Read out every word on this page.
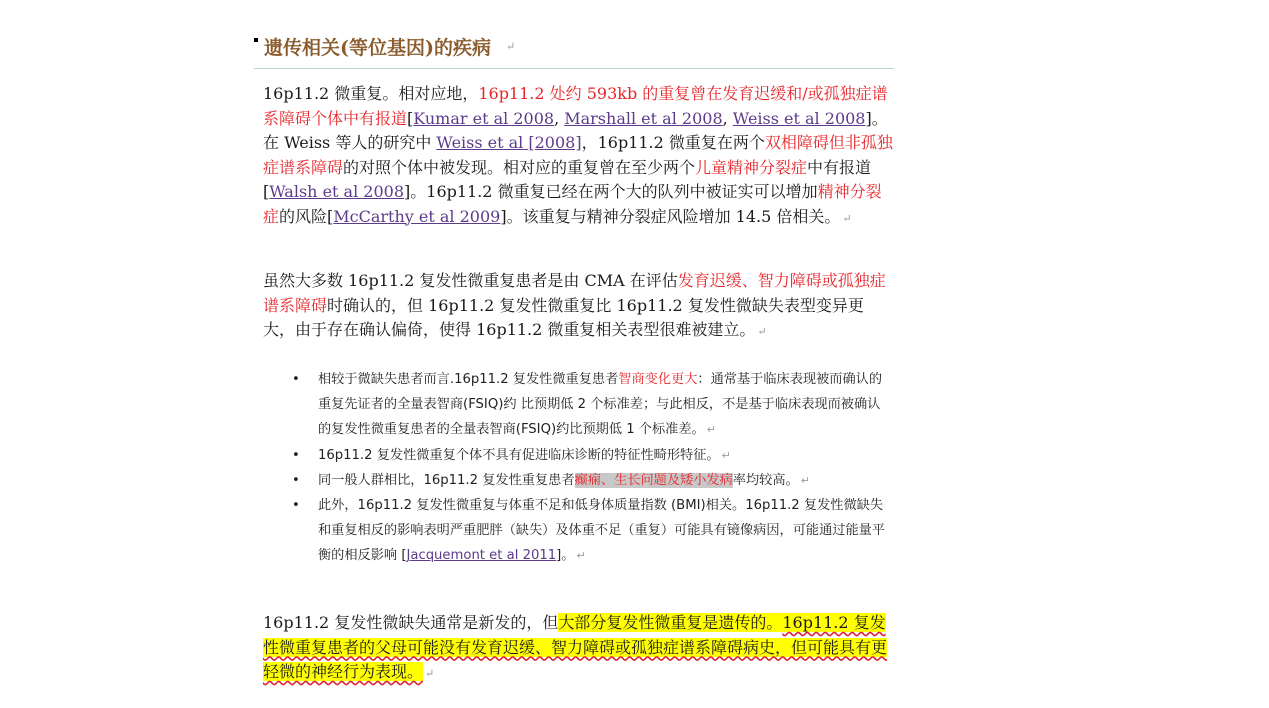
遗传相关(等位基因)的疾病 ↵

16p11.2 微重复。相对应地，16p11.2 处约 593kb 的重复曾在发育迟缓和/或孤独症谱系障碍个体中有报道[Kumar et al 2008, Marshall et al 2008, Weiss et al 2008]。在 Weiss 等人的研究中 Weiss et al [2008]，16p11.2 微重复在两个双相障碍但非孤独症谱系障碍的对照个体中被发现。相对应的重复曾在至少两个儿童精神分裂症中有报道 [Walsh et al 2008]。16p11.2 微重复已经在两个大的队列中被证实可以增加精神分裂症的风险[McCarthy et al 2009]。该重复与精神分裂症风险增加 14.5 倍相关。 ↵

虽然大多数 16p11.2 复发性微重复患者是由 CMA 在评估发育迟缓、智力障碍或孤独症谱系障碍时确认的，但 16p11.2 复发性微重复比 16p11.2 复发性微缺失表型变异更大，由于存在确认偏倚，使得 16p11.2 微重复相关表型很难被建立。 ↵

• 相较于微缺失患者而言.16p11.2 复发性微重复患者智商变化更大：通常基于临床表现被而确认的重复先证者的全量表智商(FSIQ)约 比预期低 2 个标准差；与此相反，不是基于临床表现而被确认的复发性微重复患者的全量表智商(FSIQ)约比预期低 1 个标准差。 ↵
• 16p11.2 复发性微重复个体不具有促进临床诊断的特征性畸形特征。 ↵
• 同一般人群相比，16p11.2 复发性重复患者癫痫、生长问题及矮小发病率均较高。 ↵
• 此外，16p11.2 复发性微重复与体重不足和低身体质量指数 (BMI)相关。16p11.2 复发性微缺失和重复相反的影响表明严重肥胖（缺失）及体重不足（重复）可能具有镜像病因，可能通过能量平衡的相反影响 [Jacquemont et al 2011]。 ↵

16p11.2 复发性微缺失通常是新发的，但大部分复发性微重复是遗传的。16p11.2 复发性微重复患者的父母可能没有发育迟缓、智力障碍或孤独症谱系障碍病史，但可能具有更轻微的神经行为表现。 ↵
